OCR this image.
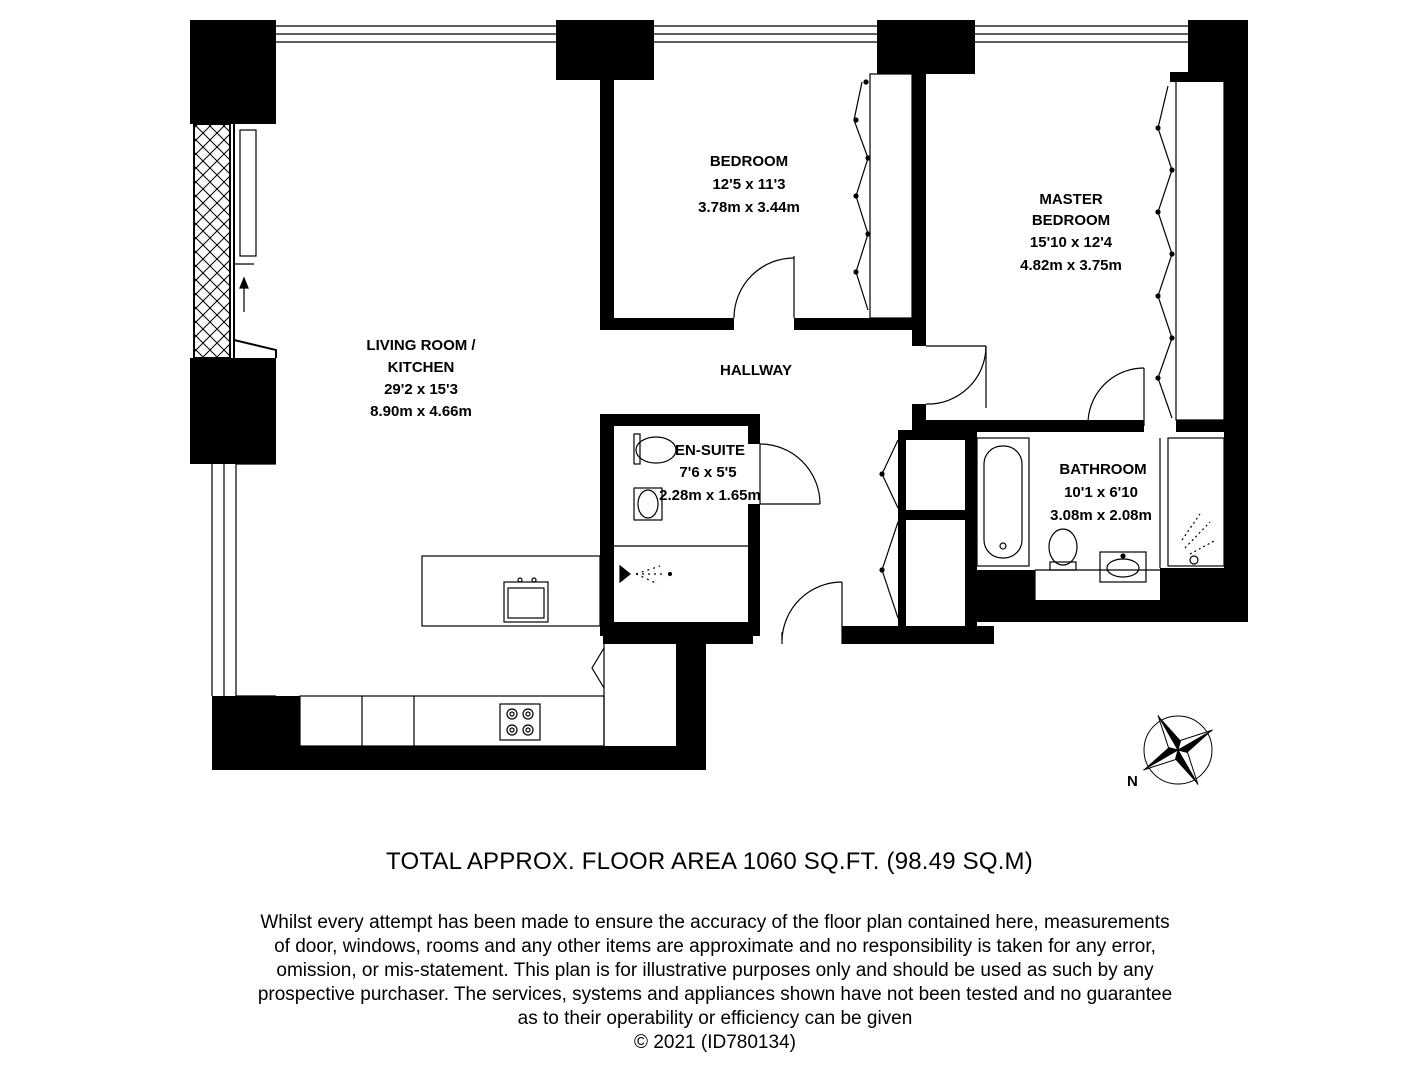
LIVING ROOM /
KITCHEN
29'2 x 15'3
8.90m x 4.66m
BEDROOM
12'5 x 11'3
3.78m x 3.44m	MASTER
BEDROOM
15'10 x 12'4
4.82m x 3.75m
HALLWAY
EN-SUITE
7'6 x 5'5
2.28m x 1.65m
BATHROOM
10'1 x 6'10
3.08m x 2.08m
N
TOTAL APPROX. FLOOR AREA 1060 SQ.FT. (98.49 SQ.M)
Whilst every attempt has been made to ensure the accuracy of the floor plan contained here, measurements
of door, windows, rooms and any other items are approximate and no responsibility is taken for any error,
omission, or mis-statement. This plan is for illustrative purposes only and should be used as such by any
prospective purchaser. The services, systems and appliances shown have not been tested and no guarantee
as to their operability or efficiency can be given
© 2021 (ID780134)
